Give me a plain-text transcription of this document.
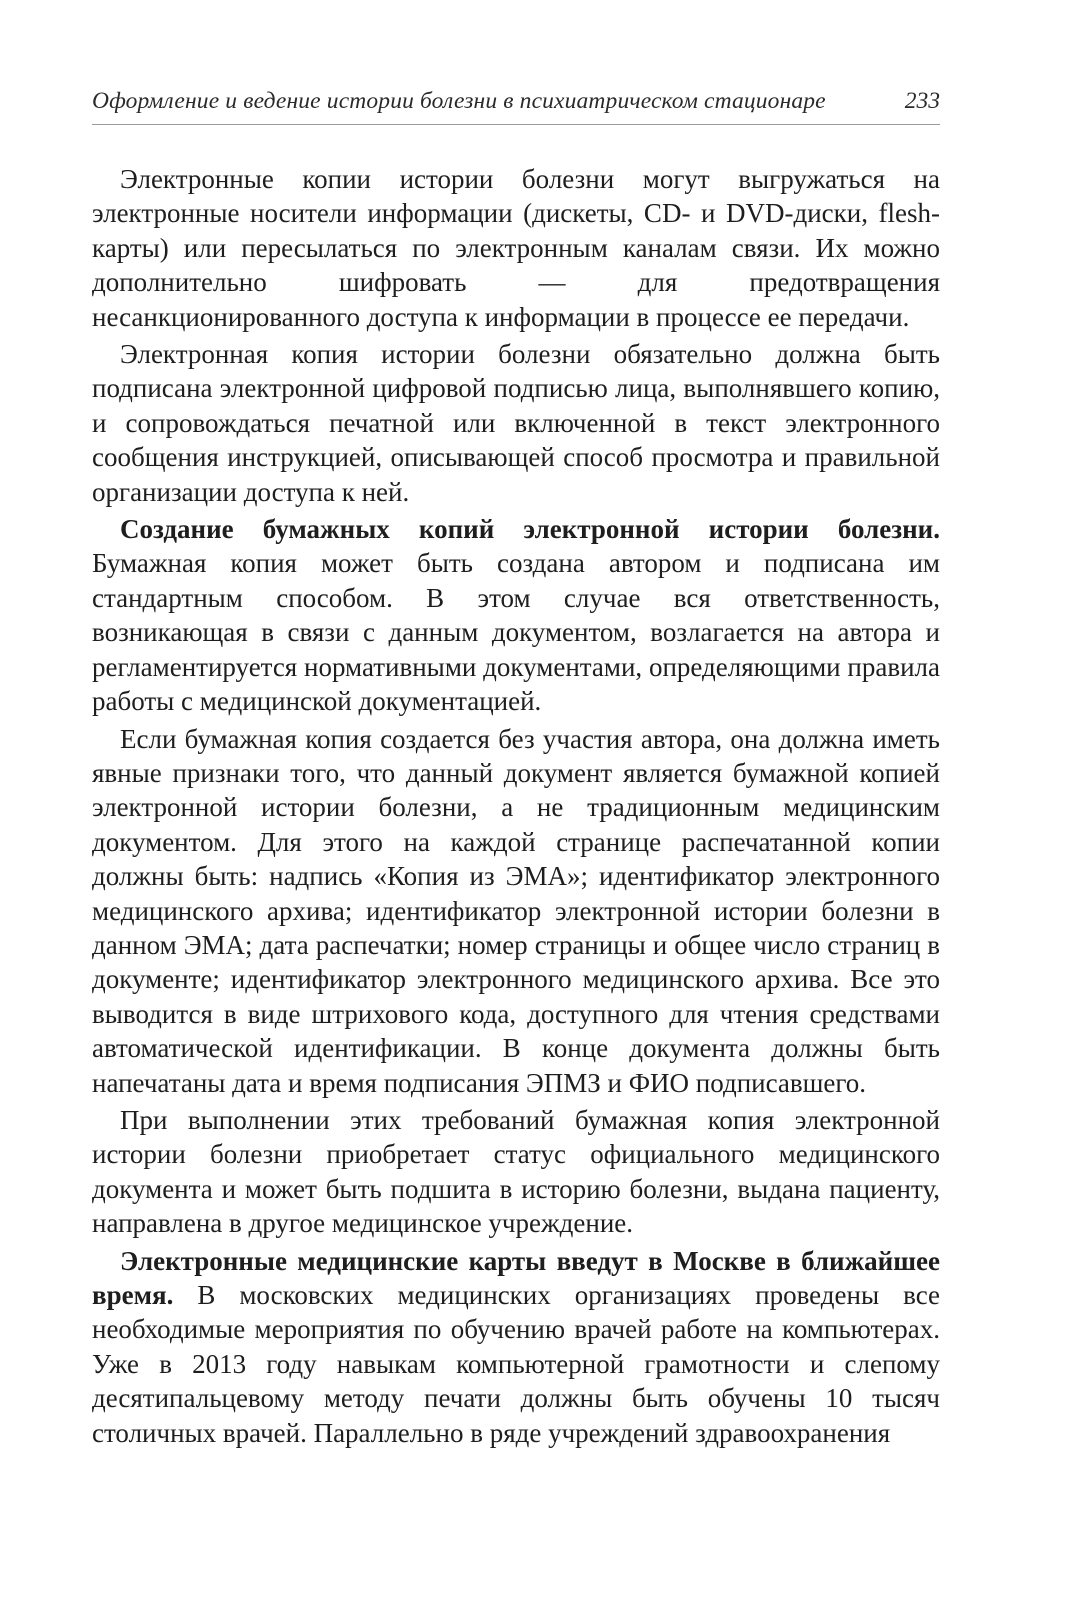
Оформление и ведение истории болезни в психиатрическом стационаре	233

Электронные копии истории болезни могут выгружаться на электронные носители информации (дискеты, CD- и DVD-диски, flesh-карты) или пересылаться по электронным каналам связи. Их можно дополнительно шифровать — для предотвращения несанкционированного доступа к информации в процессе ее передачи.

Электронная копия истории болезни обязательно должна быть подписана электронной цифровой подписью лица, выполнявшего копию, и сопровождаться печатной или включенной в текст электронного сообщения инструкцией, описывающей способ просмотра и правильной организации доступа к ней.

Создание бумажных копий электронной истории болезни. Бумажная копия может быть создана автором и подписана им стандартным способом. В этом случае вся ответственность, возникающая в связи с данным документом, возлагается на автора и регламентируется нормативными документами, определяющими правила работы с медицинской документацией.

Если бумажная копия создается без участия автора, она должна иметь явные признаки того, что данный документ является бумажной копией электронной истории болезни, а не традиционным медицинским документом. Для этого на каждой странице распечатанной копии должны быть: надпись «Копия из ЭМА»; идентификатор электронного медицинского архива; идентификатор электронной истории болезни в данном ЭМА; дата распечатки; номер страницы и общее число страниц в документе; идентификатор электронного медицинского архива. Все это выводится в виде штрихового кода, доступного для чтения средствами автоматической идентификации. В конце документа должны быть напечатаны дата и время подписания ЭПМЗ и ФИО подписавшего.

При выполнении этих требований бумажная копия электронной истории болезни приобретает статус официального медицинского документа и может быть подшита в историю болезни, выдана пациенту, направлена в другое медицинское учреждение.

Электронные медицинские карты введут в Москве в ближайшее время. В московских медицинских организациях проведены все необходимые мероприятия по обучению врачей работе на компьютерах. Уже в 2013 году навыкам компьютерной грамотности и слепому десятипальцевому методу печати должны быть обучены 10 тысяч столичных врачей. Параллельно в ряде учреждений здравоохранения
